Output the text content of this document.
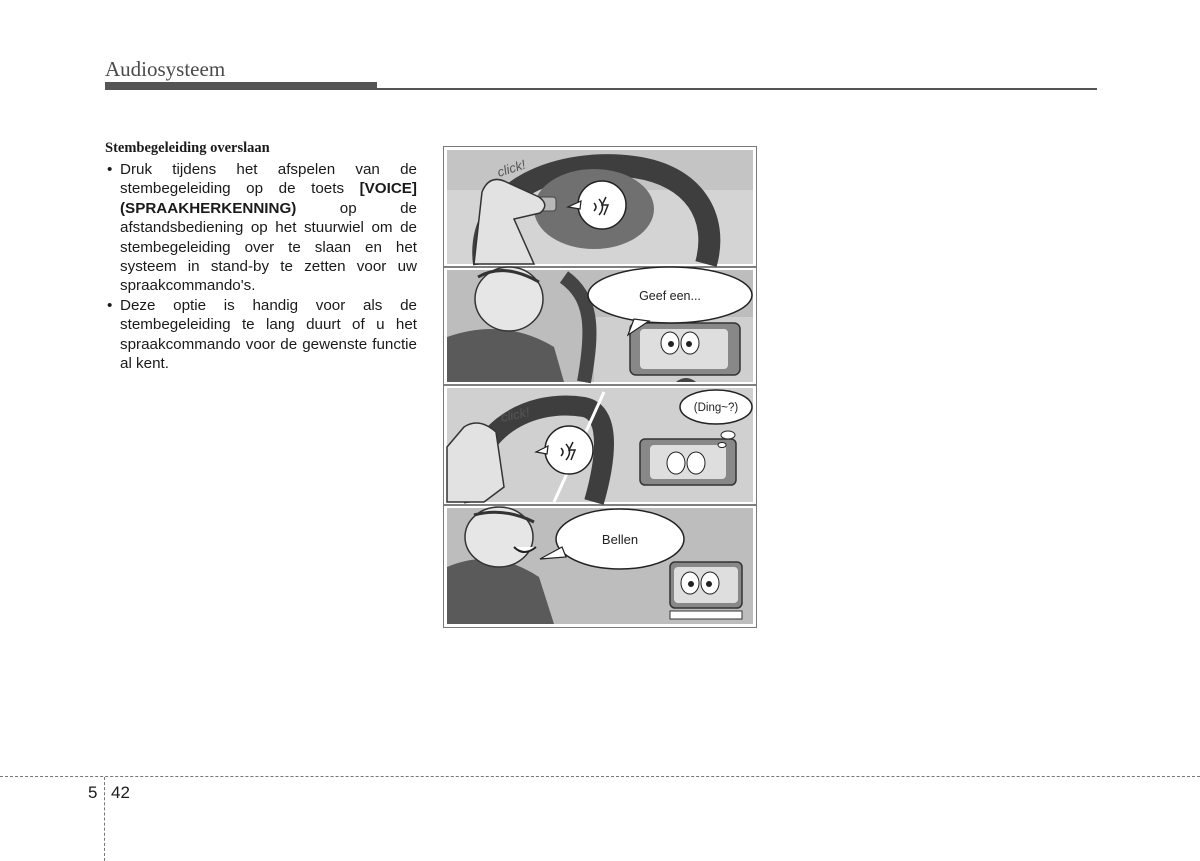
Audiosysteem
Stembegeleiding overslaan
• Druk tijdens het afspelen van de stembegeleiding op de toets [VOICE] (SPRAAKHERKENNING) op de afstandsbediening op het stuurwiel om de stembegeleiding over te slaan en het systeem in stand-by te zetten voor uw spraakcommando's.
• Deze optie is handig voor als de stembegeleiding te lang duurt of u het spraakcommando voor de gewenste functie al kent.
click!
Geef een...
(Ding~?)
click!
Bellen
5 42
